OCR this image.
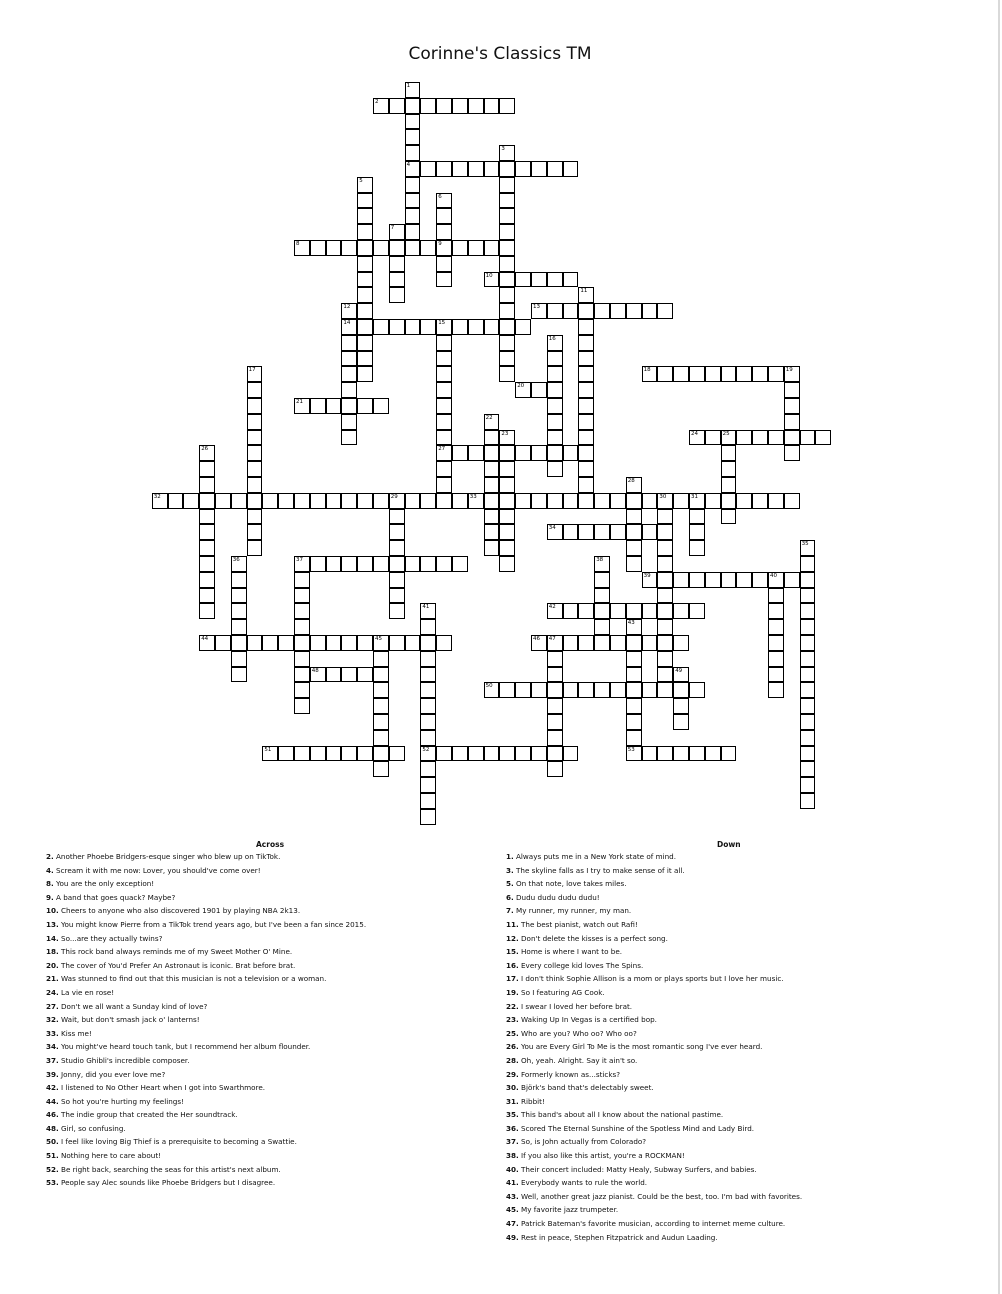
Corinne's Classics TM
2
4
8	9
10
13
14	15
18	19
20
21
24	25
27
32	29	33	30	31
34
37
39	40
42
44	45	46 47
48
50
51	52	53
1
3
5
6
7
11
12
16
17
22
23
26
28
35
36	38
41
43
49
Across
2. Another Phoebe Bridgers-esque singer who blew up on TikTok.
4. Scream it with me now: Lover, you should've come over!
8. You are the only exception!
9. A band that goes quack? Maybe?
10. Cheers to anyone who also discovered 1901 by playing NBA 2k13.
13. You might know Pierre from a TikTok trend years ago, but I've been a fan since 2015.
14. So...are they actually twins?
18. This rock band always reminds me of my Sweet Mother O' Mine.
20. The cover of You'd Prefer An Astronaut is iconic. Brat before brat.
21. Was stunned to find out that this musician is not a television or a woman.
24. La vie en rose!
27. Don't we all want a Sunday kind of love?
32. Wait, but don't smash jack o' lanterns!
33. Kiss me!
34. You might've heard touch tank, but I recommend her album flounder.
37. Studio Ghibli's incredible composer.
39. Jonny, did you ever love me?
42. I listened to No Other Heart when I got into Swarthmore.
44. So hot you're hurting my feelings!
46. The indie group that created the Her soundtrack.
48. Girl, so confusing.
50. I feel like loving Big Thief is a prerequisite to becoming a Swattie.
51. Nothing here to care about!
52. Be right back, searching the seas for this artist's next album.
53. People say Alec sounds like Phoebe Bridgers but I disagree.
Down
1. Always puts me in a New York state of mind.
3. The skyline falls as I try to make sense of it all.
5. On that note, love takes miles.
6. Dudu dudu dudu dudu!
7. My runner, my runner, my man.
11. The best pianist, watch out Rafi!
12. Don't delete the kisses is a perfect song.
15. Home is where I want to be.
16. Every college kid loves The Spins.
17. I don't think Sophie Allison is a mom or plays sports but I love her music.
19. So I featuring AG Cook.
22. I swear I loved her before brat.
23. Waking Up In Vegas is a certified bop.
25. Who are you? Who oo? Who oo?
26. You are Every Girl To Me is the most romantic song I've ever heard.
28. Oh, yeah. Alright. Say it ain't so.
29. Formerly known as...sticks?
30. Björk's band that's delectably sweet.
31. Ribbit!
35. This band's about all I know about the national pastime.
36. Scored The Eternal Sunshine of the Spotless Mind and Lady Bird.
37. So, is John actually from Colorado?
38. If you also like this artist, you're a ROCKMAN!
40. Their concert included: Matty Healy, Subway Surfers, and babies.
41. Everybody wants to rule the world.
43. Well, another great jazz pianist. Could be the best, too. I'm bad with favorites.
45. My favorite jazz trumpeter.
47. Patrick Bateman's favorite musician, according to internet meme culture.
49. Rest in peace, Stephen Fitzpatrick and Audun Laading.
